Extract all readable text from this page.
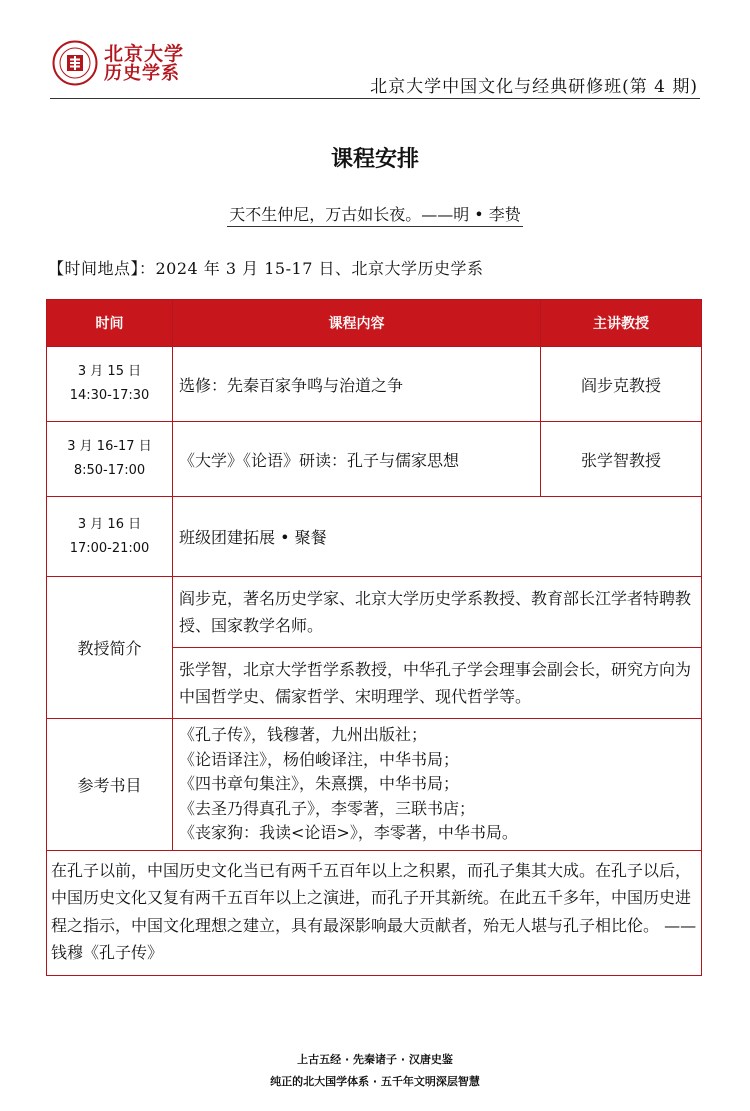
北京大学
历史学系
北京大学中国文化与经典研修班(第 4 期)
课程安排
天不生仲尼，万古如长夜。——明 • 李贽
【时间地点】：2024 年 3 月 15-17 日、北京大学历史学系
时间	课程内容	主讲教授

3 月 15 日
14:30-17:30	选修：先秦百家争鸣与治道之争	阎步克教授

3 月 16-17 日
8:50-17:00	《大学》《论语》研读：孔子与儒家思想	张学智教授

3 月 16 日
17:00-21:00	班级团建拓展 • 聚餐	
教授简介	阎步克，著名历史学家、北京大学历史学系教授、教育部长江学者特聘教授、国家教学名师。	
	张学智，北京大学哲学系教授，中华孔子学会理事会副会长，研究方向为中国哲学史、儒家哲学、宋明理学、现代哲学等。	
参考书目	《孔子传》，钱穆著，九州出版社；
《论语译注》，杨伯峻译注，中华书局；
《四书章句集注》，朱熹撰，中华书局；
《去圣乃得真孔子》，李零著，三联书店；
《丧家狗：我读<论语>》，李零著，中华书局。	

在孔子以前，中国历史文化当已有两千五百年以上之积累，而孔子集其大成。在孔子以后，中国历史文化又复有两千五百年以上之演进，而孔子开其新统。在此五千多年，中国历史进程之指示，中国文化理想之建立，具有最深影响最大贡献者，殆无人堪与孔子相比伦。 ——钱穆《孔子传》		
上古五经 · 先秦诸子 · 汉唐史鉴
纯正的北大国学体系 · 五千年文明深层智慧
